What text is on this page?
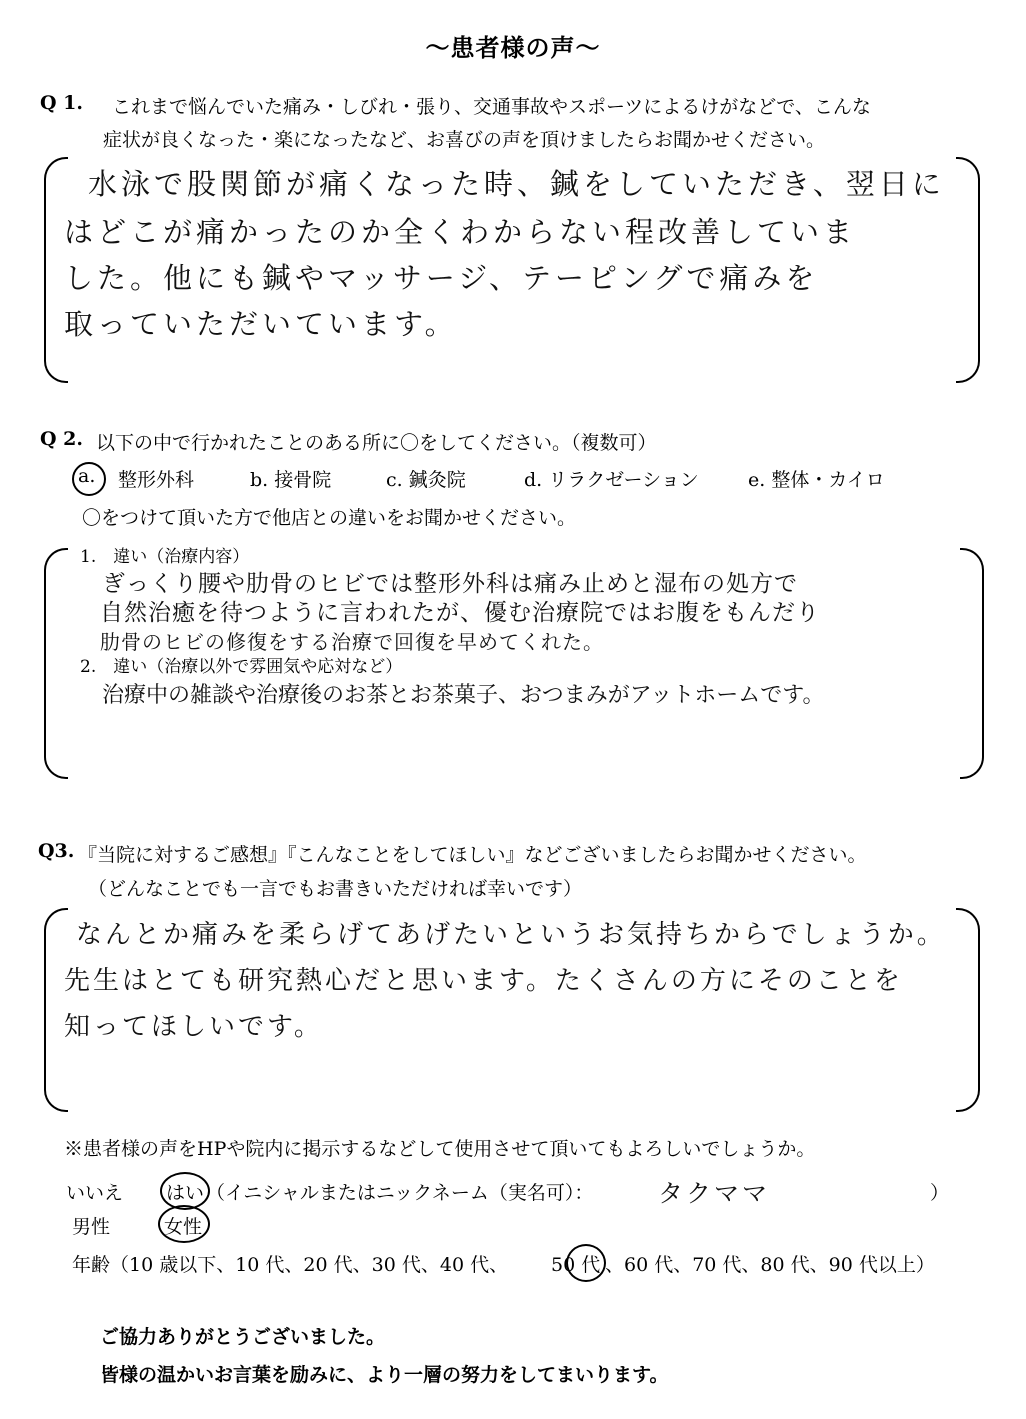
～患者様の声～
Q 1. これまで悩んでいた痛み・しびれ・張り、交通事故やスポーツによるけがなどで、こんな
症状が良くなった・楽になったなど、お喜びの声を頂けましたらお聞かせください。
水泳で股関節が痛くなった時、鍼をしていただき、翌日に
はどこが痛かったのか全くわからない程改善していま
した。他にも鍼やマッサージ、テーピングで痛みを
取っていただいています。
Q 2. 以下の中で行かれたことのある所に〇をしてください。（複数可）
a. 整形外科	b. 接骨院	c. 鍼灸院	d. リラクゼーション	e. 整体・カイロ
〇をつけて頂いた方で他店との違いをお聞かせください。
1.　違い（治療内容）
ぎっくり腰や肋骨のヒビでは整形外科は痛み止めと湿布の処方で
自然治癒を待つように言われたが、優む治療院ではお腹をもんだり
肋骨のヒビの修復をする治療で回復を早めてくれた。
2.　違い（治療以外で雰囲気や応対など）
治療中の雑談や治療後のお茶とお茶菓子、おつまみがアットホームです。
Q3. 『当院に対するご感想』『こんなことをしてほしい』などございましたらお聞かせください。
（どんなことでも一言でもお書きいただければ幸いです）
なんとか痛みを柔らげてあげたいというお気持ちからでしょうか。
先生はとても研究熱心だと思います。たくさんの方にそのことを
知ってほしいです。
※患者様の声をHPや院内に掲示するなどして使用させて頂いてもよろしいでしょうか。
いいえ はい （イニシャルまたはニックネーム（実名可）：	タクママ	）
男性	女性
年齢（10 歳以下、10 代、20 代、30 代、40 代、 50 代 、60 代、70 代、80 代、90 代以上）
ご協力ありがとうございました。
皆様の温かいお言葉を励みに、より一層の努力をしてまいります。
